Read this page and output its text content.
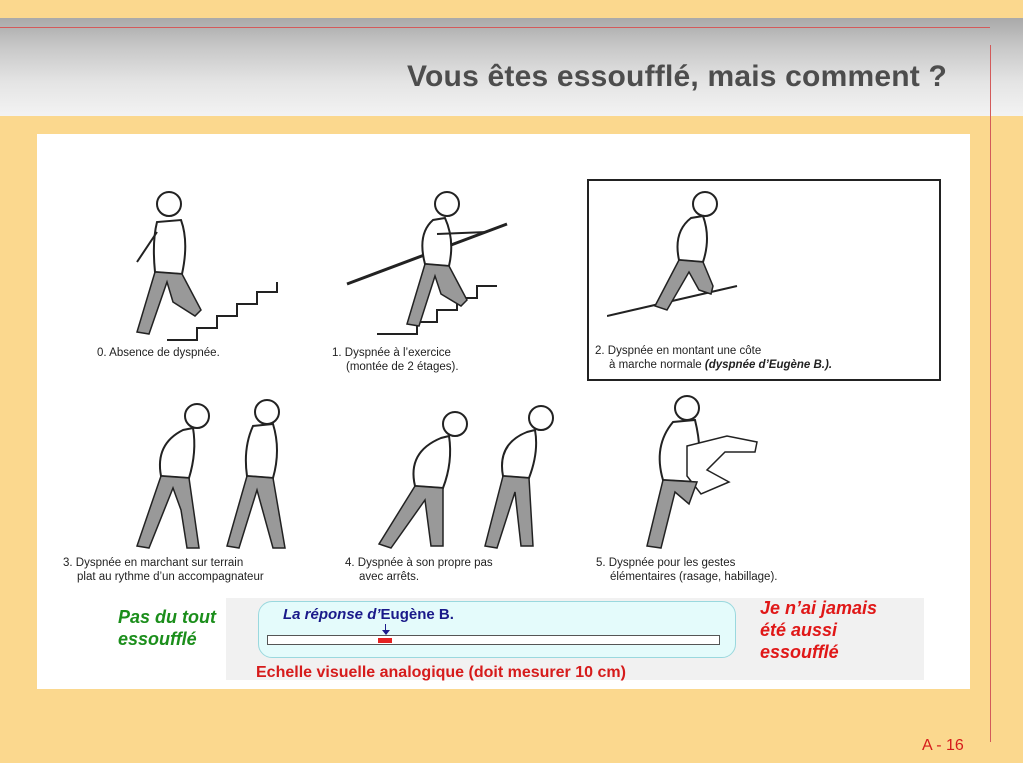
Vous êtes essoufflé, mais comment ?
0. Absence de dyspnée.	1. Dyspnée à l’exercice
(montée de 2 étages).
2. Dyspnée en montant une côte
à marche normale (dyspnée d’Eugène B.).
3. Dyspnée en marchant sur terrain
plat au rythme d’un accompagnateur
4. Dyspnée à son propre pas
avec arrêts.
5. Dyspnée pour les gestes
élémentaires (rasage, habillage).
La réponse d’Eugène B.
Pas du tout
essoufflé
Je n’ai jamais
été aussi
essoufflé
Echelle visuelle analogique (doit mesurer 10 cm)
A - 16
